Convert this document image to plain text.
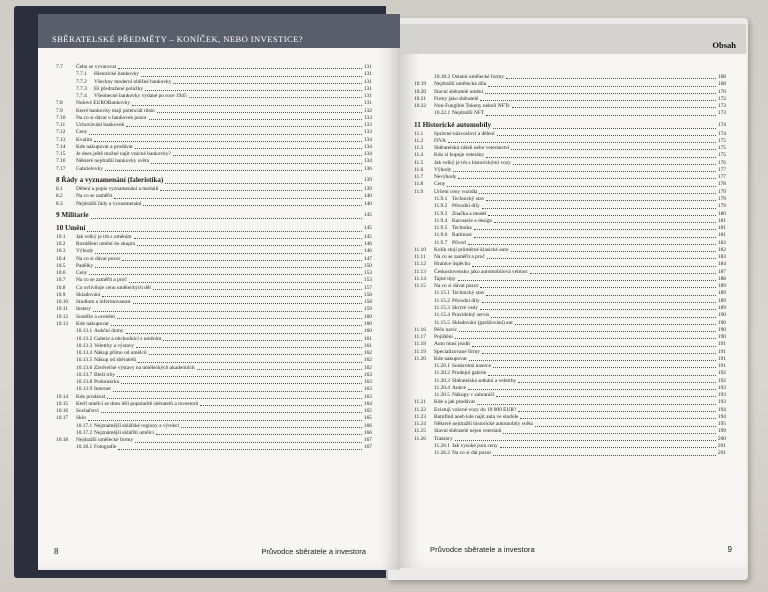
SBĚRATELSKÉ PŘEDMĚTY – KONÍČEK, NEBO INVESTICE?
7.7 Čeho se vyvarovat	131
7.7.1 Historické bankovky	131
7.7.2 Všechny moderní oběžné bankovky	131
7.7.3 Eš předražené položky	131
7.7.4 Všeobecné bankovky vydané po roce 1945	131
7.8 Nulové EUROBankovky	131
7.9 Které bankovky mají potenciál růstu	132
7.10 Na co si dávat u bankovek pozor	133
7.11 Uchovávání bankovek	133
7.12 Ceny	133
7.13 Kvalita	134
7.14 Kde nakupovat a prodávat	134
7.15 Je dnes ještě možné najít vzácné bankovky?	134
7.16 Některé nejdražší bankovky světa	134
7.17 Gabrielovky	136
8 Řády a vyznamenání (faleristika)	139
8.1 Dělení a popis vyznamenání a medailí	139
8.2 Na co se zaměřit	140
8.3 Nejdražší řády a vyznamenání	140
9 Militarie	145
10 Umění	145
10.1 Jak velký je trh s uměním	145
10.2 Rozdělení umění do skupin	146
10.3 Výhody	146
10.4 Na co si dávat pozor	147
10.5 Padělky	150
10.6 Ceny	153
10.7 Na co se zaměřit a proč	153
10.8 Co ovlivňuje cenu uměleckých děl	157
10.9 Skladování	158
10.10 Studium a informovanost	158
10.11 Instery	159
10.12 Soutěže a ocenění	160
10.13 Kde nakupovat	160
10.13.1 Aukční domy	160
10.13.2 Galerie a obchodníci s uměním	161
10.13.3 Veletrhy a výstavy	161
10.13.4 Nákup přímo od umělců	162
10.13.5 Nákup od sběratelů	162
10.13.6 Závěrečné výstavy na uměleckých akademiích	162
10.13.7 Bleší trhy	163
10.13.8 Podomácku	163
10.13.9 Internet	163
10.14 Kde prodávat	163
10.15 Kteří umělci se dnes těší popularitě sběratelů a investorů	164
10.16 Sochařství	165
10.17 Sklo	165
10.17.1 Nejznámější sklářské regiony a výrobci	166
10.17.2 Nejznámější sklářští umělci	166
10.18 Nejdražší umělecké formy	167
10.18.1 Fotografie	167
8	Průvodce sběratele a investora
Obsah
10.18.2 Ostatní umělecké formy	168
10.19 Nejdražší umělecká díla	168
10.20 Slavní sběratelé umění	170
10.21 Firmy jako sběratelé	172
10.22 Non-Fungible Tokeny neboli NFTs	173
10.22.1 Nejdražší NFT	173
11 Historické automobily	174
11.1 Správné názvosloví a dělení	174
11.2 FIVA	175
11.3 Sběratelská vášeň nebo veteránství	175
11.4 Kdo si kupuje veterány	175
11.5 Jak velký je trh s historickými vozy	176
11.6 Výhody	177
11.7 Nevýhody	177
11.8 Ceny	178
11.9 Určení ceny vozidla	179
11.9.1 Technický stav	179
11.9.2 Původní díly	179
11.9.3 Značka a model	180
11.9.4 Karoserie a design	181
11.9.5 Technika	181
11.9.6 Raritnost	181
11.9.7 Původ	182
11.10 Kolik stojí průměrné klasické auto	182
11.11 Na co se zaměřit a proč	183
11.12 Hranice úspěchu	184
11.13 Československo jako automobilová velmoc	187
11.14 Tajné tipy	188
11.15 Na co si dávat pozor	189
11.15.1 Technický stav	189
11.15.2 Původní díly	189
11.15.3 Skryté vady	189
11.15.4 Pravidelný servis	190
11.15.5 Skladování (garážování) aut	190
11.16 Péče navíc	190
11.17 Pojištění	190
11.18 Auto musí jezdit	191
11.19 Specializované firmy	191
11.20 Kde nakupovat	191
11.20.1 Soukromá inzerce	191
11.20.2 Prodejní galerie	192
11.20.3 Sběratelská setkání a veletrhy	192
11.20.4 Aukce	193
11.20.5 Nákupy v zahraničí	193
11.21 Kde a jak prodávat	193
11.22 Existují vzácné vozy do 10 000 EUR?	194
11.23 Barnfind aneb kde najít auta ve stodole	194
11.24 Některé nejdražší historické automobily světa	195
11.25 Slavní sběratelé nejen veteránů	199
11.26 Traktory	200
11.26.1 Jak vysoké jsou ceny	201
11.26.2 Na co si dát pozor	201
Průvodce sběratele a investora	9
